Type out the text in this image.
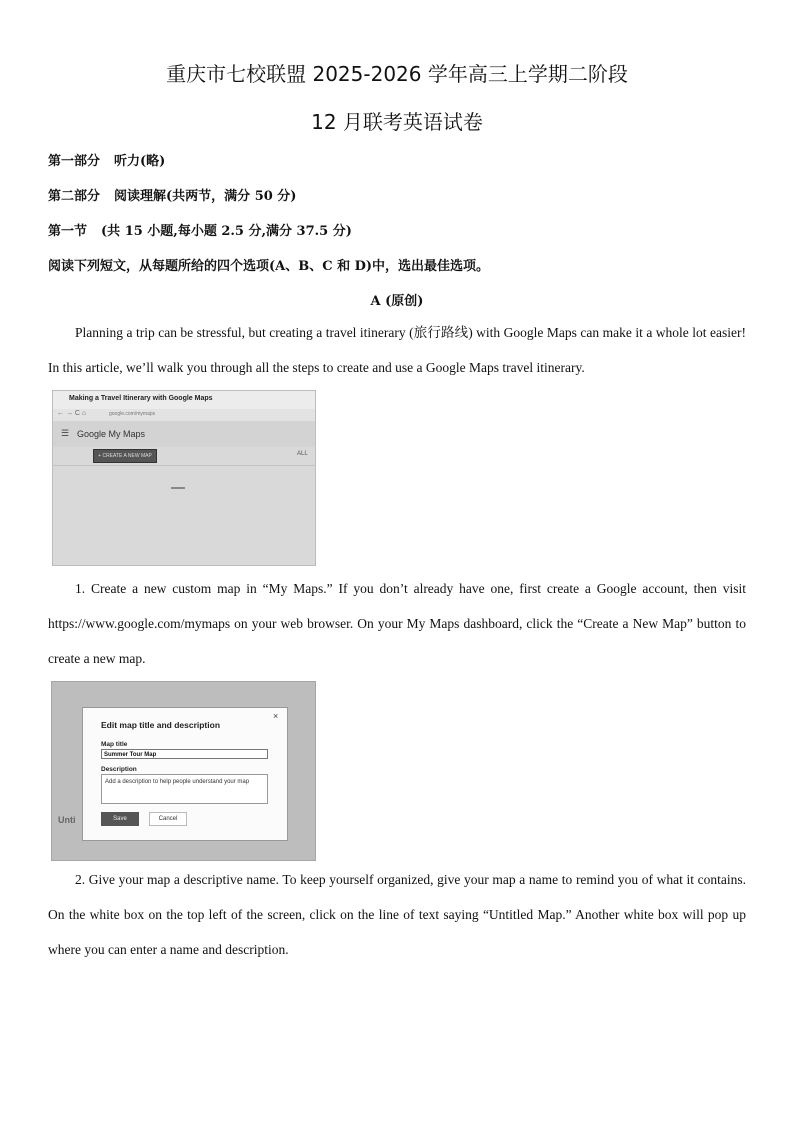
重庆市七校联盟 2025-2026 学年高三上学期二阶段
12 月联考英语试卷
第一部分 听力(略)
第二部分 阅读理解(共两节，满分 50 分)
第一节 (共 15 小题,每小题 2.5 分,满分 37.5 分)
阅读下列短文，从每题所给的四个选项(A、B、C 和 D)中，选出最佳选项。
A (原创)
Planning a trip can be stressful, but creating a travel itinerary (旅行路线) with Google Maps can make it a whole lot easier! In this article, we’ll walk you through all the steps to create and use a Google Maps travel itinerary.
Making a Travel Itinerary with Google Maps
← → C ⌂	google.com/mymaps
☰ Google My Maps
+ CREATE A NEW MAP	ALL
1. Create a new custom map in “My Maps.” If you don’t already have one, first create a Google account, then visit https://www.google.com/mymaps on your web browser. On your My Maps dashboard, click the “Create a New Map” button to create a new map.
Unti
Edit map title and description
×
Map title
Summer Tour Map
Description
Add a description to help people understand your map
Save	Cancel
2. Give your map a descriptive name. To keep yourself organized, give your map a name to remind you of what it contains. On the white box on the top left of the screen, click on the line of text saying “Untitled Map.” Another white box will pop up where you can enter a name and description.
